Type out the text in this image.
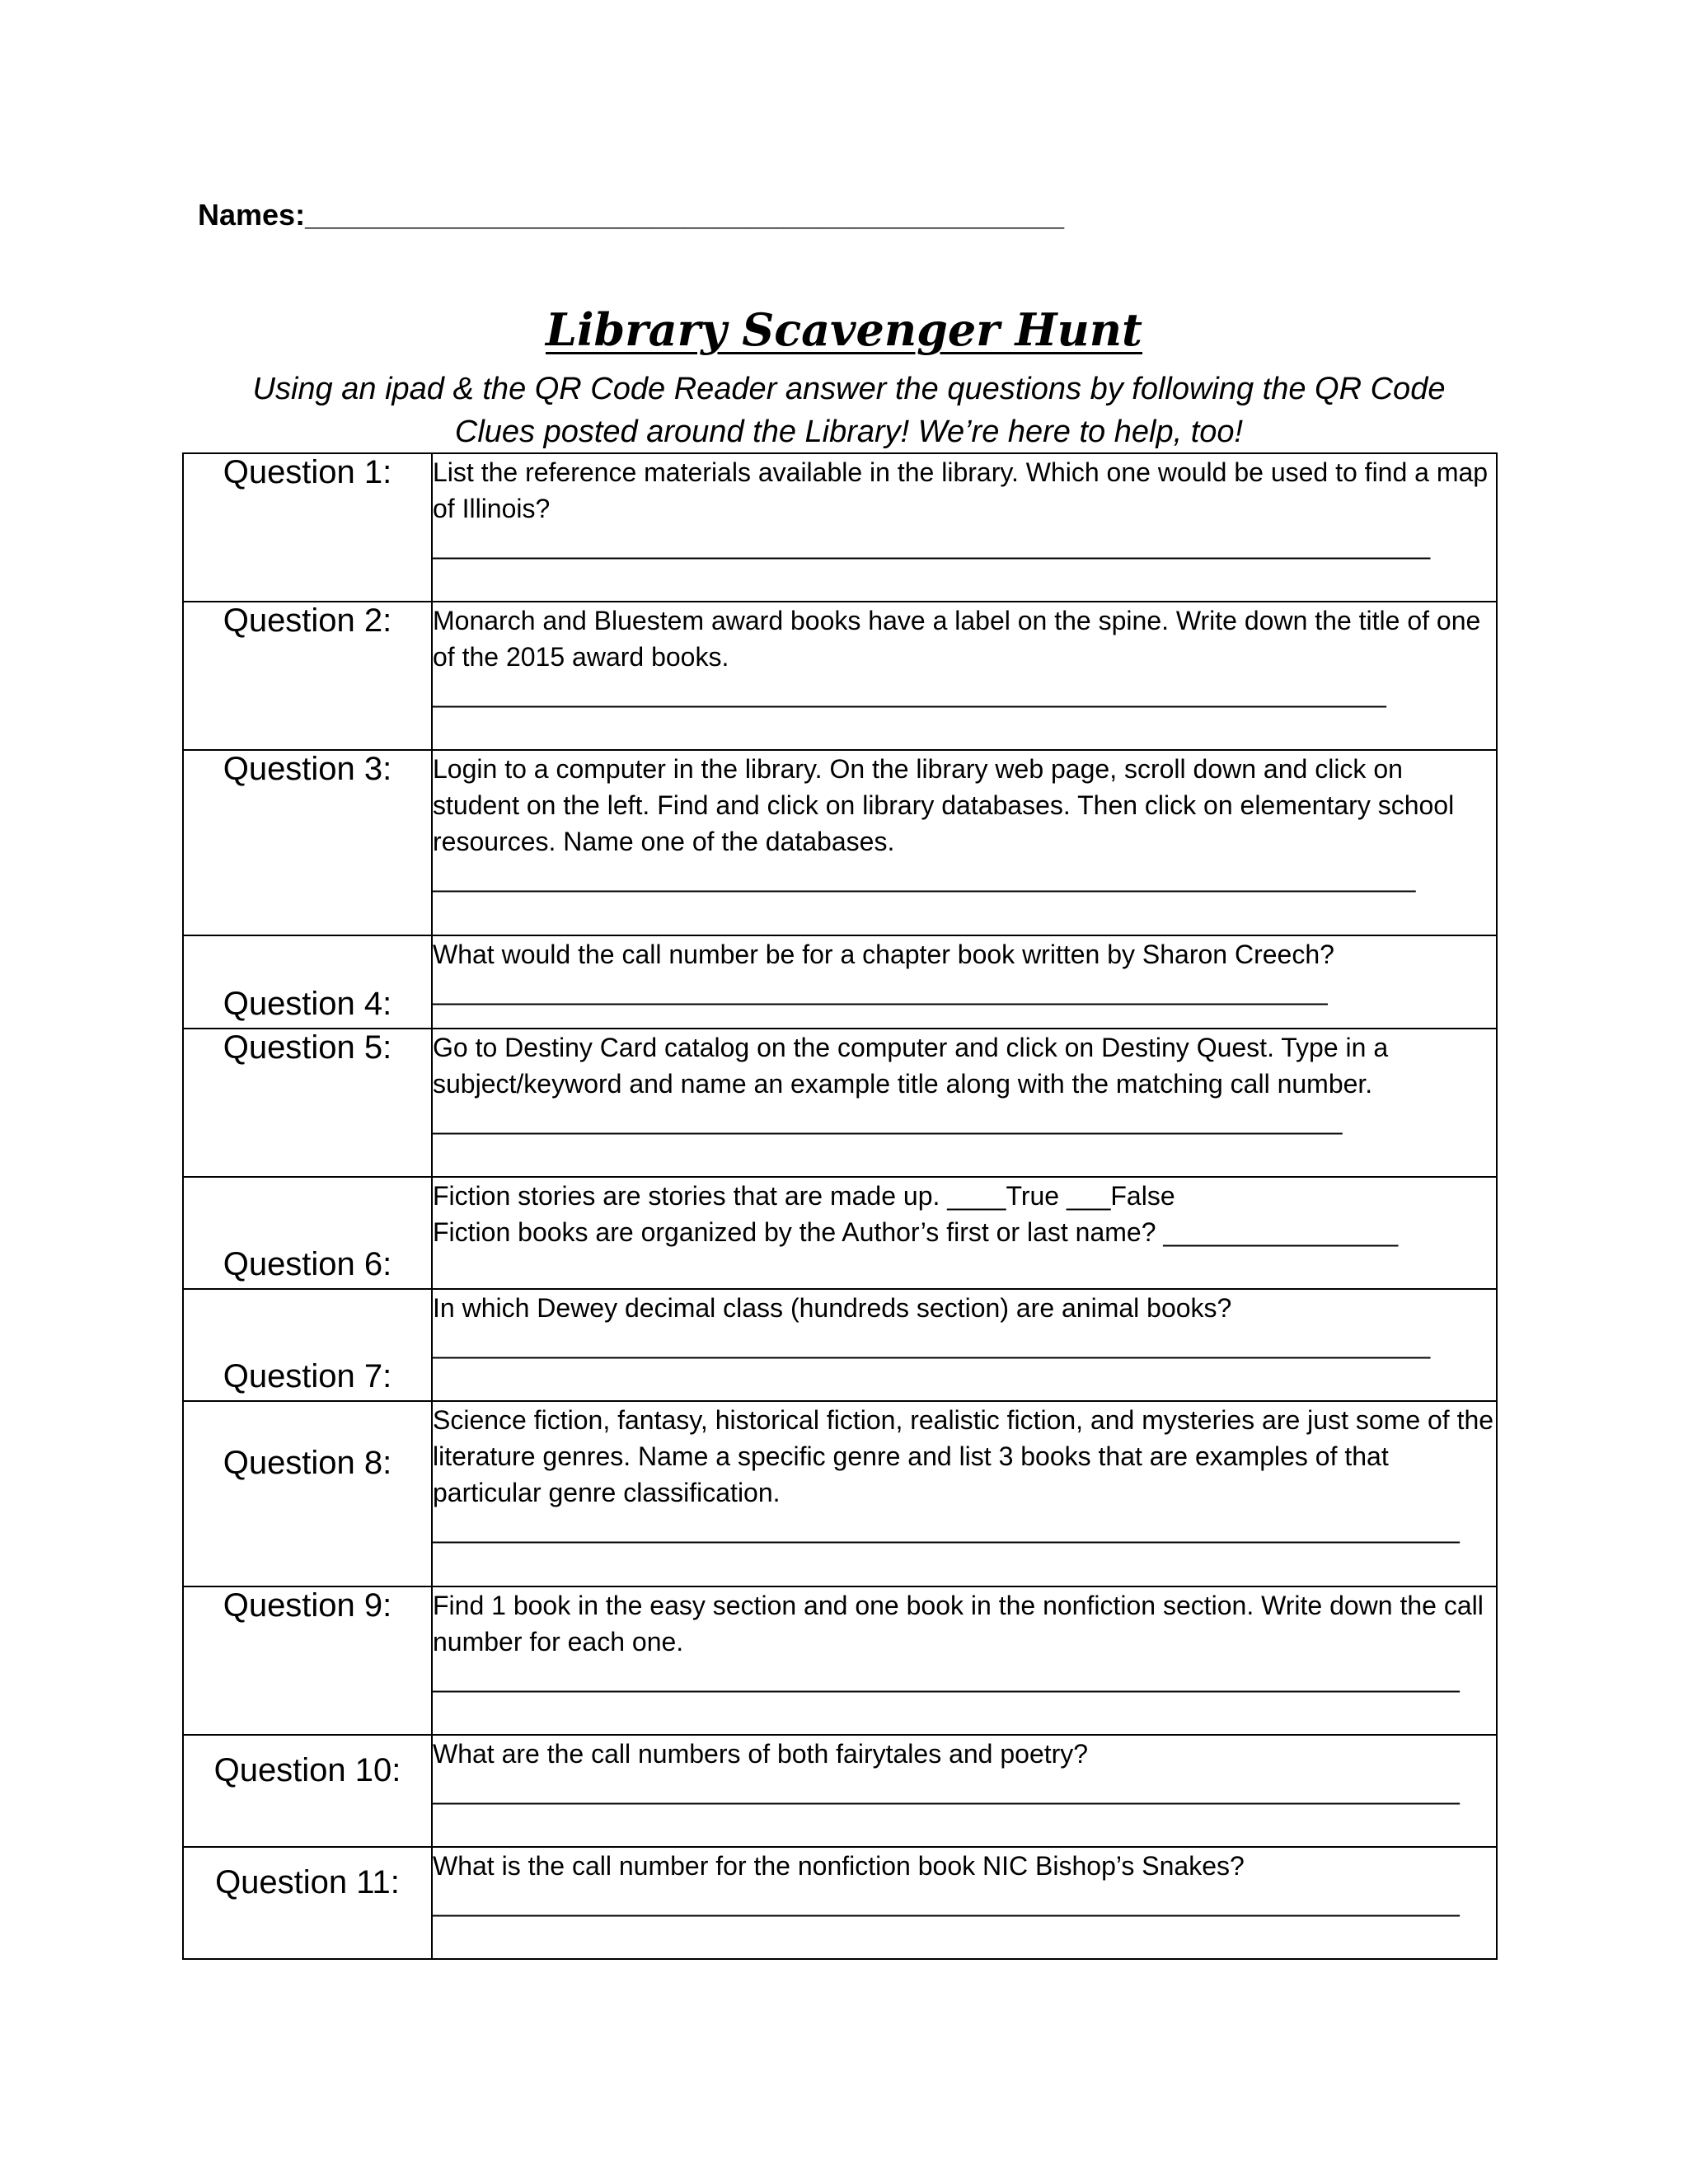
Names:______________________________________________
Library Scavenger Hunt
Using an ipad & the QR Code Reader answer the questions by following the QR Code Clues posted around the Library! We’re here to help, too!
Question 1:	List the reference materials available in the library. Which one would be used to find a map of Illinois?
____________________________________________________________________

Question 2:	Monarch and Bluestem award books have a label on the spine. Write down the title of one of the 2015 award books.
_________________________________________________________________

Question 3:	Login to a computer in the library. On the library web page, scroll down and click on student on the left. Find and click on library databases. Then click on elementary school resources. Name one of the databases.
___________________________________________________________________

Question 4:	What would the call number be for a chapter book written by Sharon Creech?
_____________________________________________________________

Question 5:	Go to Destiny Card catalog on the computer and click on Destiny Quest. Type in a subject/keyword and name an example title along with the matching call number.
______________________________________________________________

Question 6:	Fiction stories are stories that are made up. ____True ___False
Fiction books are organized by the Author’s first or last name? ________________

Question 7:	In which Dewey decimal class (hundreds section) are animal books?
____________________________________________________________________

Question 8:	Science fiction, fantasy, historical fiction, realistic fiction, and mysteries are just some of the literature genres. Name a specific genre and list 3 books that are examples of that particular genre classification.
______________________________________________________________________

Question 9:	Find 1 book in the easy section and one book in the nonfiction section. Write down the call number for each one.
______________________________________________________________________

Question 10:	What are the call numbers of both fairytales and poetry?
______________________________________________________________________

Question 11:	What is the call number for the nonfiction book NIC Bishop’s Snakes?
______________________________________________________________________
